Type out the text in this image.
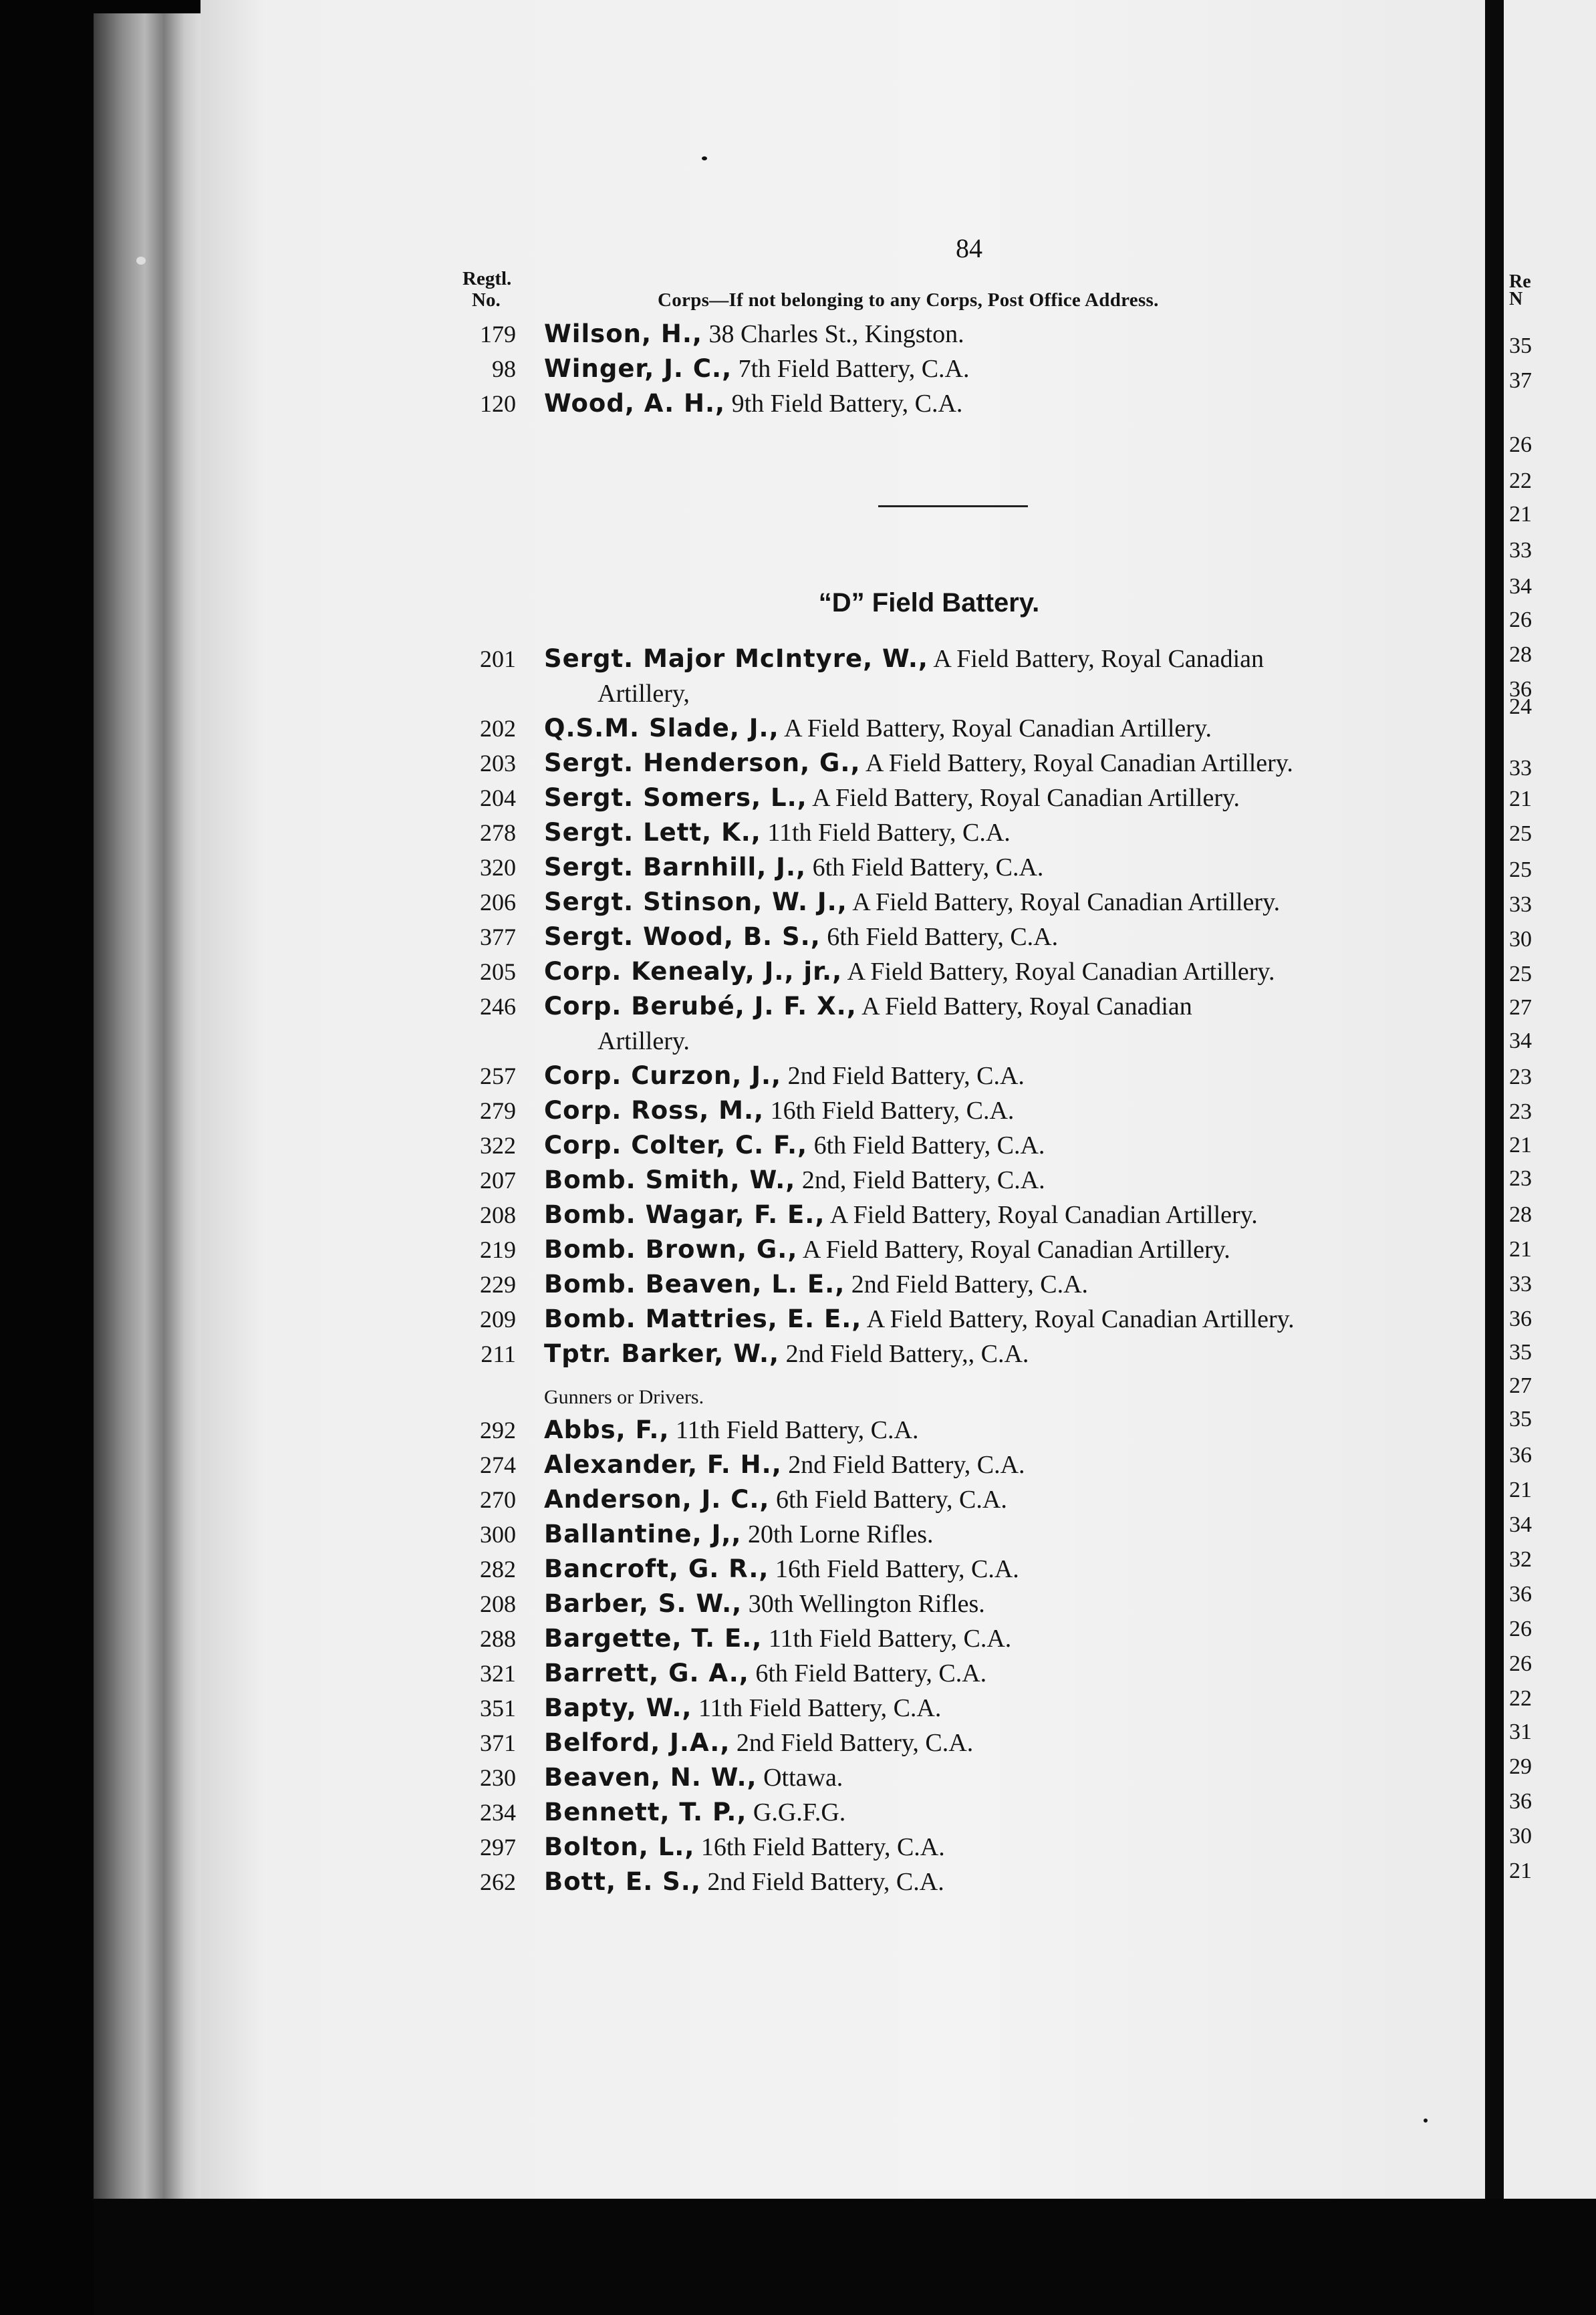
Re
N
35
37
26
22
21
33
34
26
28
36
24
33
21
25
25
33
30
25
27
34
23
23
21
23
28
21
33
36
35
27
35
36
21
34
32
36
26
26
22
31
29
36
30
21
84
Regtl.
No.	Corps—If not belonging to any Corps, Post Office Address.
179 Wilson, H., 38 Charles St., Kingston.
98 Winger, J. C., 7th Field Battery, C.A.
120 Wood, A. H., 9th Field Battery, C.A.
“D” Field Battery.
201 Sergt. Major McIntyre, W., A Field Battery, Royal Canadian
Artillery,
202 Q.S.M. Slade, J., A Field Battery, Royal Canadian Artillery.
203 Sergt. Henderson, G., A Field Battery, Royal Canadian Artillery.
204 Sergt. Somers, L., A Field Battery, Royal Canadian Artillery.
278 Sergt. Lett, K., 11th Field Battery, C.A.
320 Sergt. Barnhill, J., 6th Field Battery, C.A.
206 Sergt. Stinson, W. J., A Field Battery, Royal Canadian Artillery.
377 Sergt. Wood, B. S., 6th Field Battery, C.A.
205 Corp. Kenealy, J., jr., A Field Battery, Royal Canadian Artillery.
246 Corp. Berubé, J. F. X., A Field Battery, Royal Canadian
Artillery.
257 Corp. Curzon, J., 2nd Field Battery, C.A.
279 Corp. Ross, M., 16th Field Battery, C.A.
322 Corp. Colter, C. F., 6th Field Battery, C.A.
207 Bomb. Smith, W., 2nd, Field Battery, C.A.
208 Bomb. Wagar, F. E., A Field Battery, Royal Canadian Artillery.
219 Bomb. Brown, G., A Field Battery, Royal Canadian Artillery.
229 Bomb. Beaven, L. E., 2nd Field Battery, C.A.
209 Bomb. Mattries, E. E., A Field Battery, Royal Canadian Artillery.
211 Tptr. Barker, W., 2nd Field Battery,, C.A.
Gunners or Drivers.
292 Abbs, F., 11th Field Battery, C.A.
274 Alexander, F. H., 2nd Field Battery, C.A.
270 Anderson, J. C., 6th Field Battery, C.A.
300 Ballantine, J,, 20th Lorne Rifles.
282 Bancroft, G. R., 16th Field Battery, C.A.
208 Barber, S. W., 30th Wellington Rifles.
288 Bargette, T. E., 11th Field Battery, C.A.
321 Barrett, G. A., 6th Field Battery, C.A.
351 Bapty, W., 11th Field Battery, C.A.
371 Belford, J.A., 2nd Field Battery, C.A.
230 Beaven, N. W., Ottawa.
234 Bennett, T. P., G.G.F.G.
297 Bolton, L., 16th Field Battery, C.A.
262 Bott, E. S., 2nd Field Battery, C.A.
